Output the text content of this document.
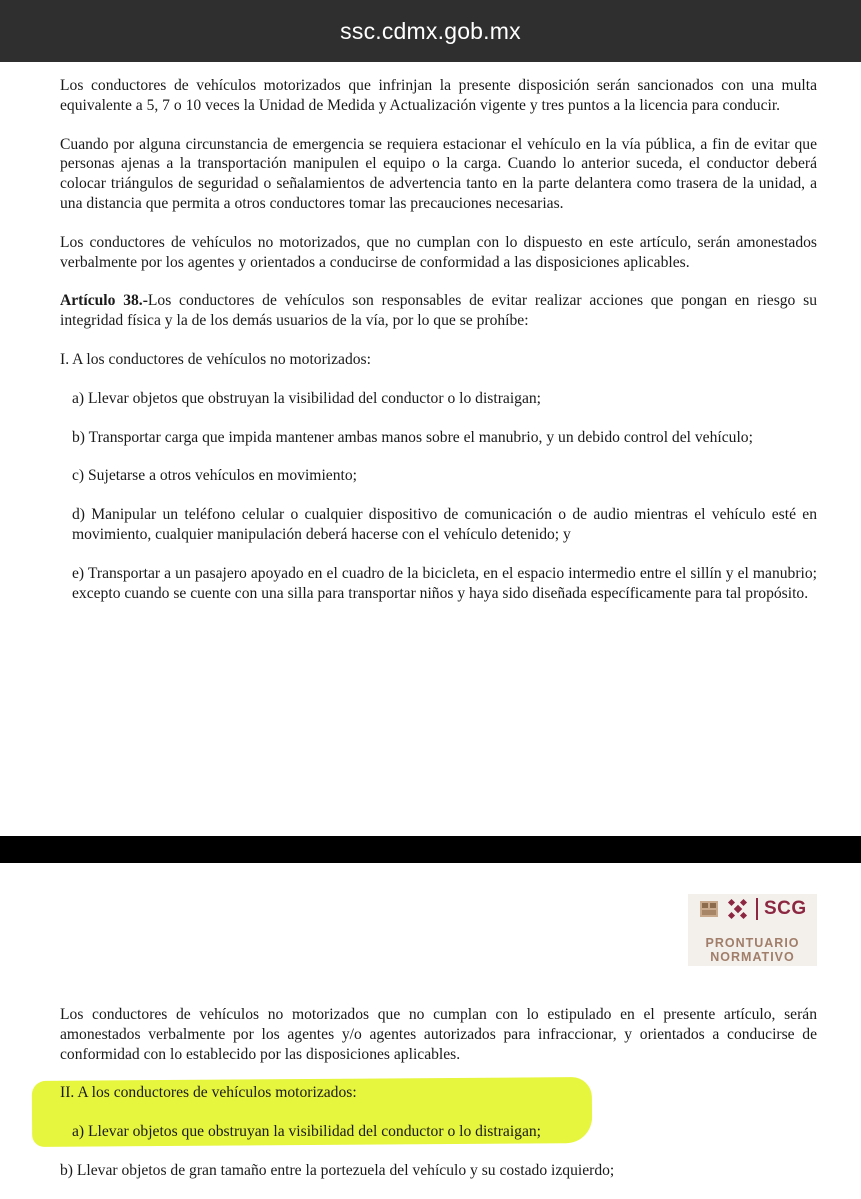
ssc.cdmx.gob.mx

Los conductores de vehículos motorizados que infrinjan la presente disposición serán sancionados con una multa equivalente a 5, 7 o 10 veces la Unidad de Medida y Actualización vigente y tres puntos a la licencia para conducir.

Cuando por alguna circunstancia de emergencia se requiera estacionar el vehículo en la vía pública, a fin de evitar que personas ajenas a la transportación manipulen el equipo o la carga. Cuando lo anterior suceda, el conductor deberá colocar triángulos de seguridad o señalamientos de advertencia tanto en la parte delantera como trasera de la unidad, a una distancia que permita a otros conductores tomar las precauciones necesarias.

Los conductores de vehículos no motorizados, que no cumplan con lo dispuesto en este artículo, serán amonestados verbalmente por los agentes y orientados a conducirse de conformidad a las disposiciones aplicables.

Artículo 38.-Los conductores de vehículos son responsables de evitar realizar acciones que pongan en riesgo su integridad física y la de los demás usuarios de la vía, por lo que se prohíbe:

I. A los conductores de vehículos no motorizados:

a) Llevar objetos que obstruyan la visibilidad del conductor o lo distraigan;

b) Transportar carga que impida mantener ambas manos sobre el manubrio, y un debido control del vehículo;

c) Sujetarse a otros vehículos en movimiento;

d) Manipular un teléfono celular o cualquier dispositivo de comunicación o de audio mientras el vehículo esté en movimiento, cualquier manipulación deberá hacerse con el vehículo detenido; y

e) Transportar a un pasajero apoyado en el cuadro de la bicicleta, en el espacio intermedio entre el sillín y el manubrio; excepto cuando se cuente con una silla para transportar niños y haya sido diseñada específicamente para tal propósito.

SCG
PRONTUARIO
NORMATIVO

Los conductores de vehículos no motorizados que no cumplan con lo estipulado en el presente artículo, serán amonestados verbalmente por los agentes y/o agentes autorizados para infraccionar, y orientados a conducirse de conformidad con lo establecido por las disposiciones aplicables.

II. A los conductores de vehículos motorizados:

a) Llevar objetos que obstruyan la visibilidad del conductor o lo distraigan;

b) Llevar objetos de gran tamaño entre la portezuela del vehículo y su costado izquierdo;
